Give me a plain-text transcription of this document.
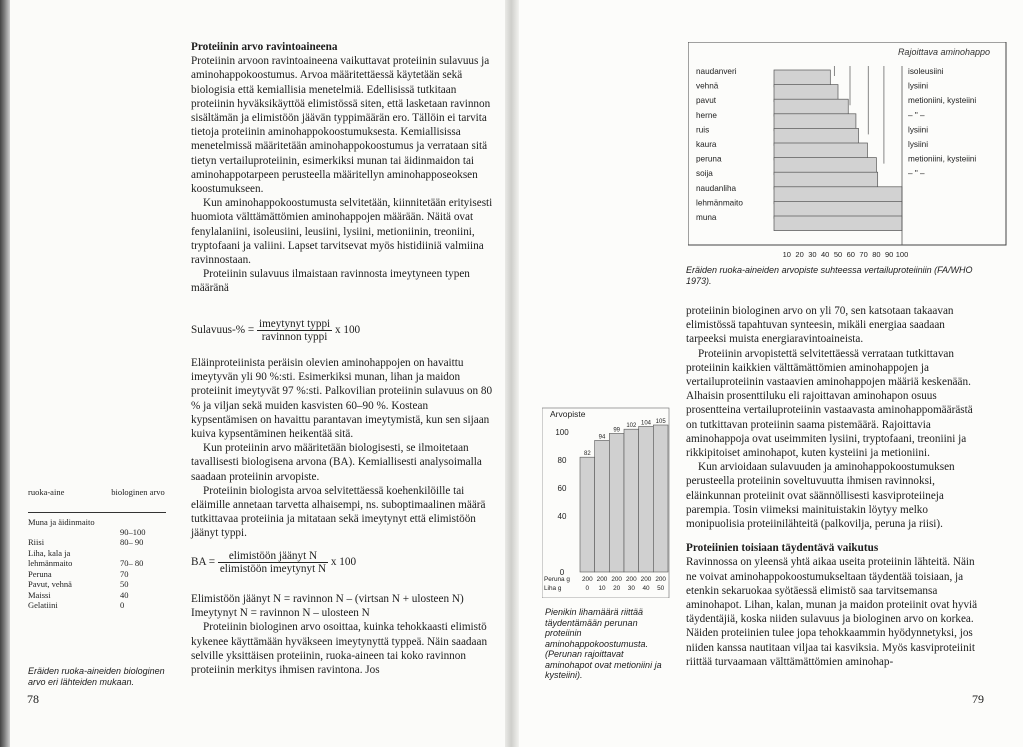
Proteiinin arvo ravintoaineena

Proteiinin arvoon ravintoaineena vaikuttavat proteiinin sulavuus ja aminohappokoostumus. Arvoa määritettäessä käytetään sekä biologisia että kemiallisia menetelmiä. Edellisissä tutkitaan proteiinin hyväksikäyttöä elimistössä siten, että lasketaan ravinnon sisältämän ja elimistöön jäävän typpimäärän ero. Tällöin ei tarvita tietoja proteiinin aminohappokoostumuksesta. Kemiallisissa menetelmissä määritetään aminohappokoostumus ja verrataan sitä tietyn vertailuproteiinin, esimerkiksi munan tai äidinmaidon tai aminohappotarpeen perusteella määritellyn aminohapposeoksen koostumukseen.

Kun aminohappokoostumusta selvitetään, kiinnitetään erityisesti huomiota välttämättömien aminohappojen määrään. Näitä ovat fenylalaniini, isoleusiini, leusiini, lysiini, metioniinin, treoniini, tryptofaani ja valiini. Lapset tarvitsevat myös histidiiniä valmiina ravinnostaan.

Proteiinin sulavuus ilmaistaan ravinnosta imeytyneen typen määränä

Sulavuus-% = $\frac{\text{imeytynyt typpi}}{\text{ravinnon typpi}}$ x 100

Eläinproteiinista peräisin olevien aminohappojen on havaittu imeytyvän yli 90 %:sti. Esimerkiksi munan, lihan ja maidon proteiinit imeytyvät 97 %:sti. Palkovilian proteiinin sulavuus on 80 % ja viljan sekä muiden kasvisten 60–90 %. Kostean kypsentämisen on havaittu parantavan imeytymistä, kun sen sijaan kuiva kypsentäminen heikentää sitä.

Kun proteiinin arvo määritetään biologisesti, se ilmoitetaan tavallisesti biologisena arvona (BA). Kemiallisesti analysoimalla saadaan proteiinin arvopiste.

Proteiinin biologista arvoa selvitettäessä koehenkilöille tai eläimille annetaan tarvetta alhaisempi, ns. suboptimaalinen määrä tutkittavaa proteiinia ja mitataan sekä imeytynyt että elimistöön jäänyt typpi.

BA = $\frac{\text{elimistöön jäänyt N}}{\text{elimistöön imeytynyt N}}$ x 100

Elimistöön jäänyt N = ravinnon N – (virtsan N + ulosteen N)

Imeytynyt N = ravinnon N – ulosteen N

Proteiinin biologinen arvo osoittaa, kuinka tehokkaasti elimistö kykenee käyttämään hyväkseen imeytynyttä typpeä. Näin saadaan selville yksittäisen proteiinin, ruoka-aineen tai koko ravinnon proteiinin merkitys ihmisen ravintona. Jos

ruoka-aine	biologinen arvo
Muna ja äidinmaito	90–100
Riisi	80– 90
Liha, kala ja lehmänmaito	70– 80
Peruna	70
Pavut, vehnä	50
Maissi	40
Gelatiini	0
Eräiden ruoka-aineiden biologinen arvo eri lähteiden mukaan.
78
Rajoittava aminohappo
naudanveri
vehnä
pavut
herne
ruis
kaura
peruna
soija
naudanliha
lehmänmaito
muna
isoleusiini
lysiini
metioniini, kysteiini
– " –
lysiini
lysiini
metioniini, kysteiini
– " –
10 20 30 40 50 60 70 80 90 100
Eräiden ruoka-aineiden arvopiste suhteessa vertailuproteiiniin (FA/WHO 1973).
Arvopiste
0
40
60
80
100
82
94
99
102 104 105
Peruna g
Liha g
200 200 200 200 200 200
0 10 20 30 40 50
Pienikin lihamäärä riittää täydentämään perunan proteiinin aminohappokoostumusta. (Perunan rajoittavat aminohapot ovat metioniini ja kysteiini).

proteiinin biologinen arvo on yli 70, sen katsotaan takaavan elimistössä tapahtuvan synteesin, mikäli energiaa saadaan tarpeeksi muista energiaravintoaineista.

Proteiinin arvopistettä selvitettäessä verrataan tutkittavan proteiinin kaikkien välttämättömien aminohappojen ja vertailuproteiinin vastaavien aminohappojen määriä keskenään. Alhaisin prosenttiluku eli rajoittavan aminohapon osuus prosentteina vertailuproteiinin vastaavasta aminohappomäärästä on tutkittavan proteiinin saama pistemäärä. Rajoittavia aminohappoja ovat useimmiten lysiini, tryptofaani, treoniini ja rikkipitoiset aminohapot, kuten kysteiini ja metioniini.

Kun arvioidaan sulavuuden ja aminohappokoostumuksen perusteella proteiinin soveltuvuutta ihmisen ravinnoksi, eläinkunnan proteiinit ovat säännöllisesti kasviproteiineja parempia. Tosin viimeksi mainituistakin löytyy melko monipuolisia proteiinilähteitä (palkovilja, peruna ja riisi).

Proteiinien toisiaan täydentävä vaikutus

Ravinnossa on yleensä yhtä aikaa useita proteiinin lähteitä. Näin ne voivat aminohappokoostumukseltaan täydentää toisiaan, ja etenkin sekaruokaa syötäessä elimistö saa tarvitsemansa aminohapot. Lihan, kalan, munan ja maidon proteiinit ovat hyviä täydentäjiä, koska niiden sulavuus ja biologinen arvo on korkea. Näiden proteiinien tulee jopa tehokkaammin hyödynnetyksi, jos niiden kanssa nautitaan viljaa tai kasviksia. Myös kasviproteiinit riittää turvaamaan välttämättömien aminohap-

79
